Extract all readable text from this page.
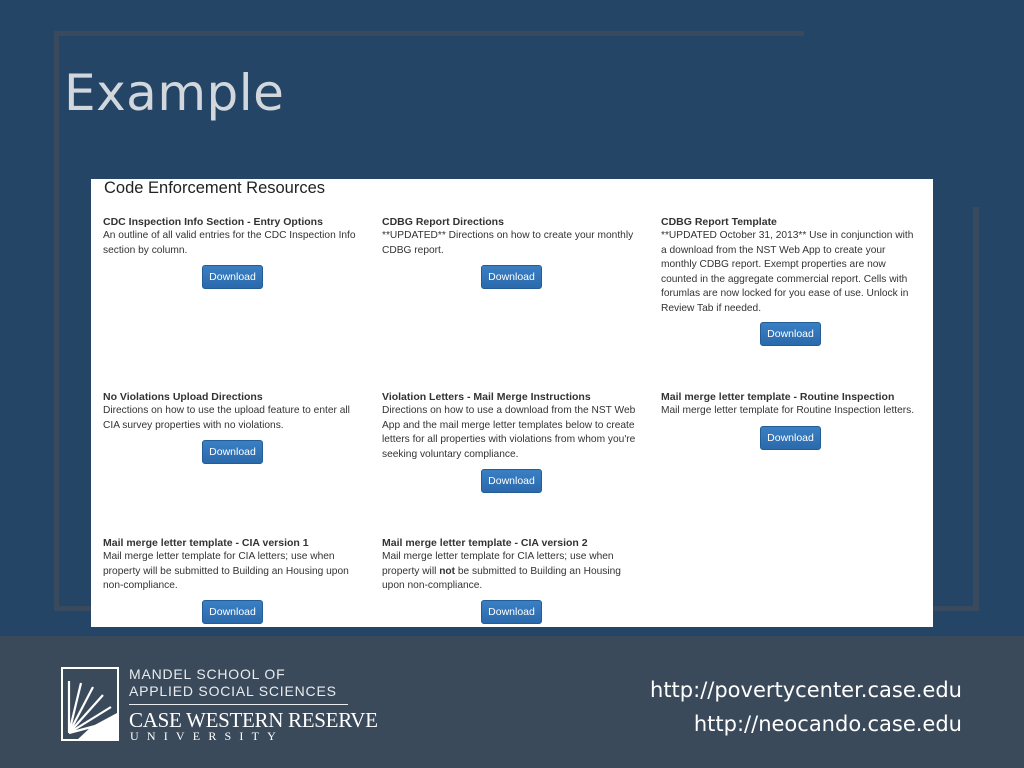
Example
Code Enforcement Resources
CDC Inspection Info Section - Entry Options
An outline of all valid entries for the CDC Inspection Info
section by column.
Download
CDBG Report Directions
**UPDATED** Directions on how to create your monthly
CDBG report.
Download
CDBG Report Template
**UPDATED October 31, 2013** Use in conjunction with
a download from the NST Web App to create your
monthly CDBG report. Exempt properties are now
counted in the aggregate commercial report. Cells with
forumlas are now locked for you ease of use. Unlock in
Review Tab if needed.
Download
No Violations Upload Directions
Directions on how to use the upload feature to enter all
CIA survey properties with no violations.
Download
Violation Letters - Mail Merge Instructions
Directions on how to use a download from the NST Web
App and the mail merge letter templates below to create
letters for all properties with violations from whom you're
seeking voluntary compliance.
Download
Mail merge letter template - Routine Inspection
Mail merge letter template for Routine Inspection letters.
Download
Mail merge letter template - CIA version 1
Mail merge letter template for CIA letters; use when
property will be submitted to Building an Housing upon
non-compliance.
Download
Mail merge letter template - CIA version 2
Mail merge letter template for CIA letters; use when
property will not be submitted to Building an Housing
upon non-compliance.
Download
MANDEL SCHOOL OF
APPLIED SOCIAL SCIENCES
CASE WESTERN RESERVE
UNIVERSITY
http://povertycenter.case.edu
http://neocando.case.edu
